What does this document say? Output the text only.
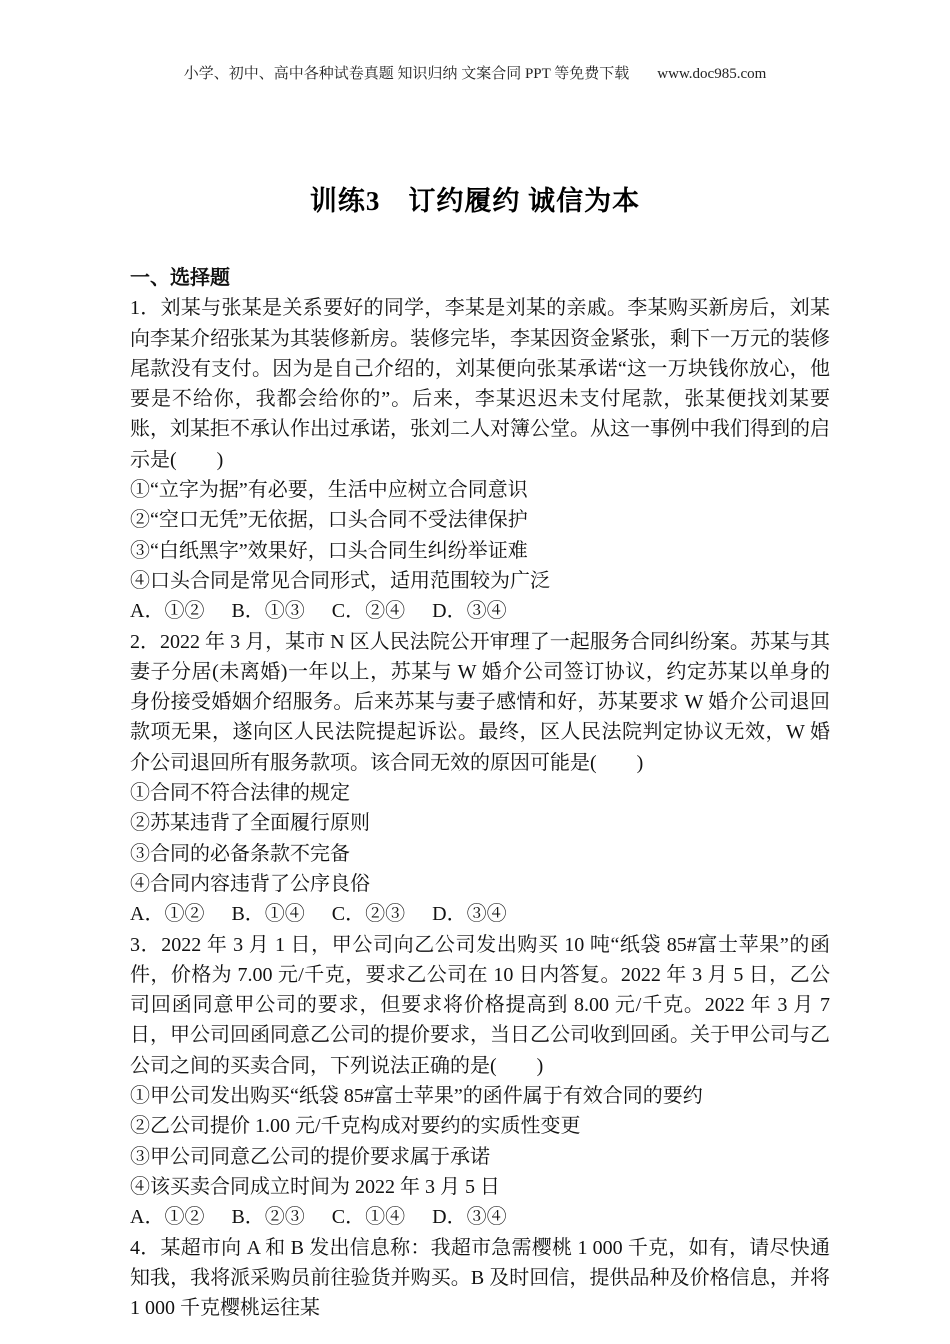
小学、初中、高中各种试卷真题 知识归纳 文案合同 PPT 等免费下载 www.doc985.com
训练3　订约履约 诚信为本

一、选择题

1．刘某与张某是关系要好的同学，李某是刘某的亲戚。李某购买新房后，刘某向李某介绍张某为其装修新房。装修完毕，李某因资金紧张，剩下一万元的装修尾款没有支付。因为是自己介绍的，刘某便向张某承诺“这一万块钱你放心，他要是不给你，我都会给你的”。后来，李某迟迟未支付尾款，张某便找刘某要账，刘某拒不承认作出过承诺，张刘二人对簿公堂。从这一事例中我们得到的启示是(　　)

①“立字为据”有必要，生活中应树立合同意识

②“空口无凭”无依据，口头合同不受法律保护

③“白纸黑字”效果好，口头合同生纠纷举证难

④口头合同是常见合同形式，适用范围较为广泛

A．①② B．①③ C．②④ D．③④

2．2022 年 3 月，某市 N 区人民法院公开审理了一起服务合同纠纷案。苏某与其妻子分居(未离婚)一年以上，苏某与 W 婚介公司签订协议，约定苏某以单身的身份接受婚姻介绍服务。后来苏某与妻子感情和好，苏某要求 W 婚介公司退回款项无果，遂向区人民法院提起诉讼。最终，区人民法院判定协议无效，W 婚介公司退回所有服务款项。该合同无效的原因可能是(　　)

①合同不符合法律的规定

②苏某违背了全面履行原则

③合同的必备条款不完备

④合同内容违背了公序良俗

A．①② B．①④ C．②③ D．③④

3．2022 年 3 月 1 日，甲公司向乙公司发出购买 10 吨“纸袋 85#富士苹果”的函件，价格为 7.00 元/千克，要求乙公司在 10 日内答复。2022 年 3 月 5 日，乙公司回函同意甲公司的要求，但要求将价格提高到 8.00 元/千克。2022 年 3 月 7 日，甲公司回函同意乙公司的提价要求，当日乙公司收到回函。关于甲公司与乙公司之间的买卖合同，下列说法正确的是(　　)

①甲公司发出购买“纸袋 85#富士苹果”的函件属于有效合同的要约

②乙公司提价 1.00 元/千克构成对要约的实质性变更

③甲公司同意乙公司的提价要求属于承诺

④该买卖合同成立时间为 2022 年 3 月 5 日

A．①② B．②③ C．①④ D．③④

4．某超市向 A 和 B 发出信息称：我超市急需樱桃 1 000 千克，如有，请尽快通知我，我将派采购员前往验货并购买。B 及时回信，提供品种及价格信息，并将 1 000 千克樱桃运往某
